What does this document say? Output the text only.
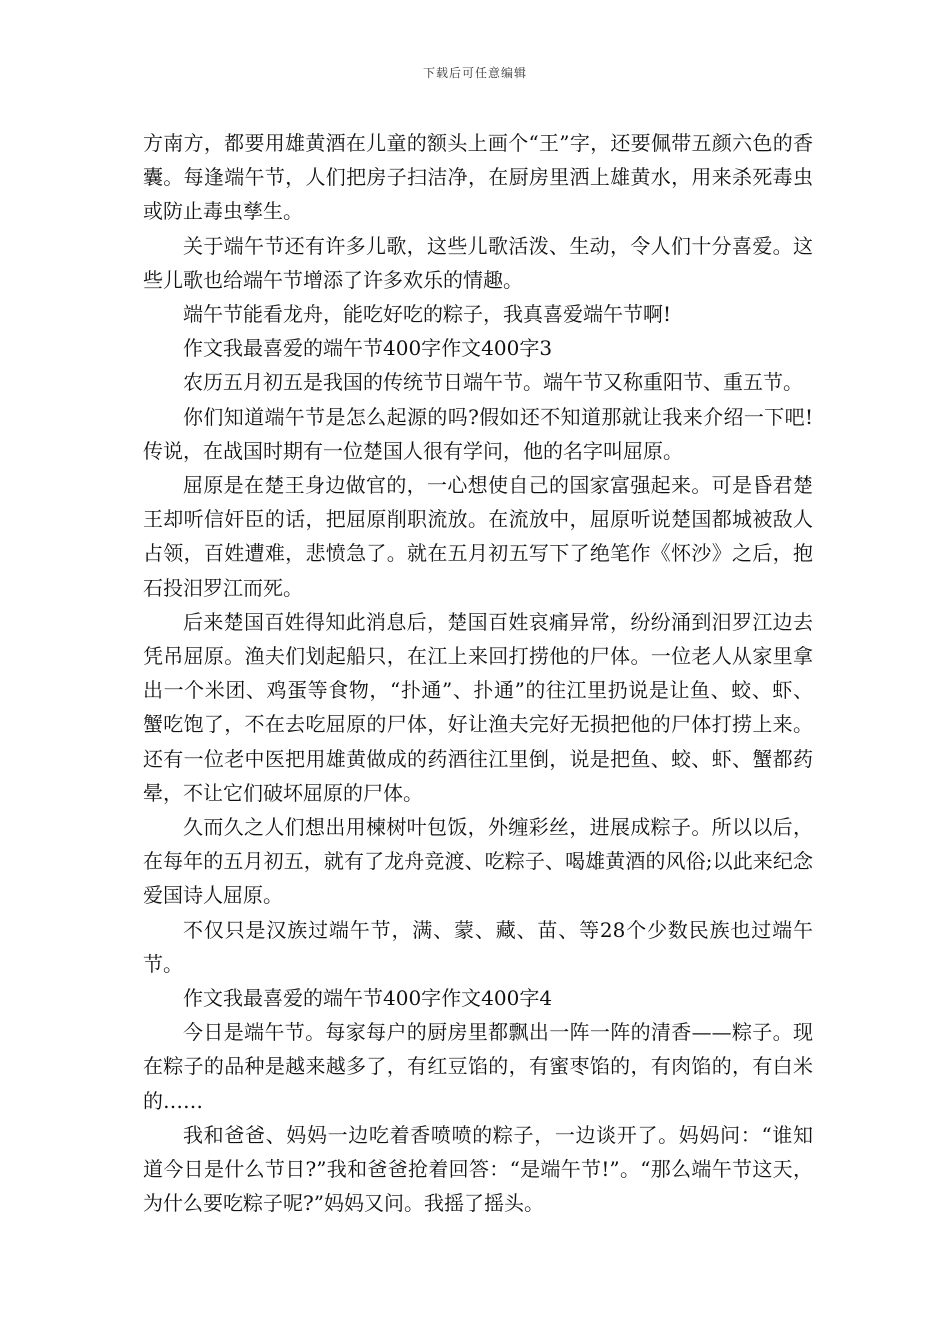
下载后可任意编辑

方南方，都要用雄黄酒在儿童的额头上画个“王”字，还要佩带五颜六色的香囊。每逢端午节，人们把房子扫洁净，在厨房里洒上雄黄水，用来杀死毒虫或防止毒虫孳生。

关于端午节还有许多儿歌，这些儿歌活泼、生动，令人们十分喜爱。这些儿歌也给端午节增添了许多欢乐的情趣。

端午节能看龙舟，能吃好吃的粽子，我真喜爱端午节啊!

作文我最喜爱的端午节400字作文400字3

农历五月初五是我国的传统节日端午节。端午节又称重阳节、重五节。

你们知道端午节是怎么起源的吗?假如还不知道那就让我来介绍一下吧!传说，在战国时期有一位楚国人很有学问，他的名字叫屈原。

屈原是在楚王身边做官的，一心想使自己的国家富强起来。可是昏君楚王却听信奸臣的话，把屈原削职流放。在流放中，屈原听说楚国都城被敌人占领，百姓遭难，悲愤急了。就在五月初五写下了绝笔作《怀沙》之后，抱石投汨罗江而死。

后来楚国百姓得知此消息后，楚国百姓哀痛异常，纷纷涌到汨罗江边去凭吊屈原。渔夫们划起船只，在江上来回打捞他的尸体。一位老人从家里拿出一个米团、鸡蛋等食物，“扑通”、扑通”的往江里扔说是让鱼、蛟、虾、蟹吃饱了，不在去吃屈原的尸体，好让渔夫完好无损把他的尸体打捞上来。还有一位老中医把用雄黄做成的药酒往江里倒，说是把鱼、蛟、虾、蟹都药晕，不让它们破坏屈原的尸体。

久而久之人们想出用楝树叶包饭，外缠彩丝，进展成粽子。所以以后，在每年的五月初五，就有了龙舟竞渡、吃粽子、喝雄黄酒的风俗;以此来纪念爱国诗人屈原。

不仅只是汉族过端午节，满、蒙、藏、苗、等28个少数民族也过端午节。

作文我最喜爱的端午节400字作文400字4

今日是端午节。每家每户的厨房里都飘出一阵一阵的清香——粽子。现在粽子的品种是越来越多了，有红豆馅的，有蜜枣馅的，有肉馅的，有白米的……

我和爸爸、妈妈一边吃着香喷喷的粽子，一边谈开了。妈妈问：“谁知道今日是什么节日?”我和爸爸抢着回答：“是端午节!”。“那么端午节这天，为什么要吃粽子呢?”妈妈又问。我摇了摇头。
